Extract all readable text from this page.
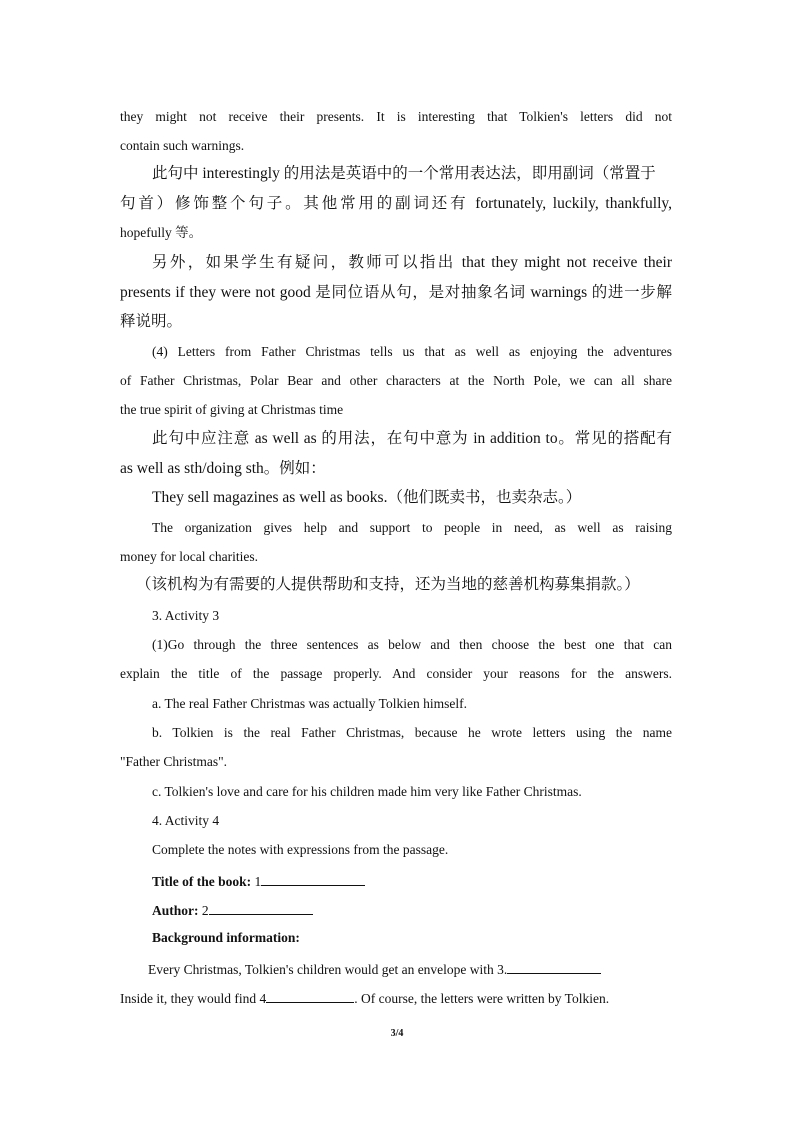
they might not receive their presents. It is interesting that Tolkien's letters did not
contain such warnings.
此句中 interestingly 的用法是英语中的一个常用表达法，即用副词（常置于
句首）修饰整个句子。其他常用的副词还有 fortunately, luckily, thankfully,
hopefully 等。
另外，如果学生有疑问，教师可以指出 that they might not receive their
presents if they were not good 是同位语从句，是对抽象名词 warnings 的进一步解
释说明。
(4) Letters from Father Christmas tells us that as well as enjoying the adventures
of Father Christmas, Polar Bear and other characters at the North Pole, we can all share
the true spirit of giving at Christmas time
此句中应注意 as well as 的用法，在句中意为 in addition to。常见的搭配有
as well as sth/doing sth。例如：
They sell magazines as well as books.（他们既卖书，也卖杂志。）
The organization gives help and support to people in need, as well as raising
money for local charities.
（该机构为有需要的人提供帮助和支持，还为当地的慈善机构募集捐款。）
3. Activity 3
(1)Go through the three sentences as below and then choose the best one that can
explain the title of the passage properly. And consider your reasons for the answers.
a. The real Father Christmas was actually Tolkien himself.
b. Tolkien is the real Father Christmas, because he wrote letters using the name
"Father Christmas".
c. Tolkien's love and care for his children made him very like Father Christmas.
4. Activity 4
Complete the notes with expressions from the passage.
Title of the book: 1
Author: 2
Background information:
Every Christmas, Tolkien's children would get an envelope with 3.
Inside it, they would find 4	. Of course, the letters were written by Tolkien.
3/4
